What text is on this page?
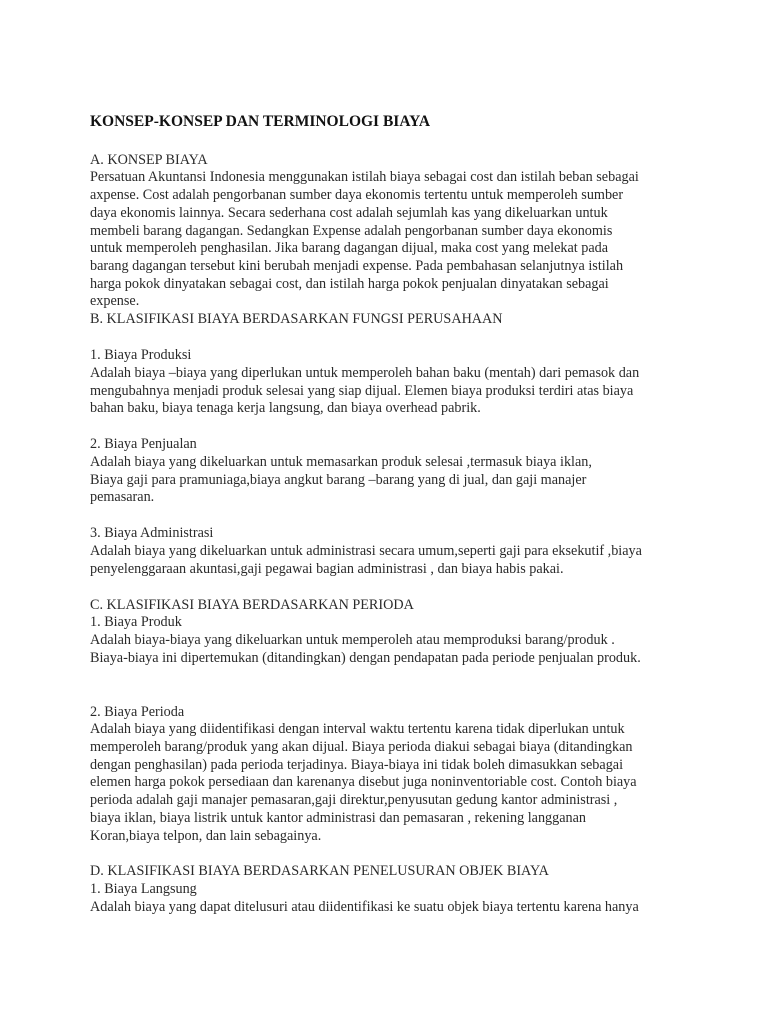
KONSEP-KONSEP DAN TERMINOLOGI BIAYA
A. KONSEP BIAYA
Persatuan Akuntansi Indonesia menggunakan istilah biaya sebagai cost dan istilah beban sebagai
axpense. Cost adalah pengorbanan sumber daya ekonomis tertentu untuk memperoleh sumber
daya ekonomis lainnya. Secara sederhana cost adalah sejumlah kas yang dikeluarkan untuk
membeli barang dagangan. Sedangkan Expense adalah pengorbanan sumber daya ekonomis
untuk memperoleh penghasilan. Jika barang dagangan dijual, maka cost yang melekat pada
barang dagangan tersebut kini berubah menjadi expense. Pada pembahasan selanjutnya istilah
harga pokok dinyatakan sebagai cost, dan istilah harga pokok penjualan dinyatakan sebagai
expense.
B. KLASIFIKASI BIAYA BERDASARKAN FUNGSI PERUSAHAAN
1. Biaya Produksi
Adalah biaya –biaya yang diperlukan untuk memperoleh bahan baku (mentah) dari pemasok dan
mengubahnya menjadi produk selesai yang siap dijual. Elemen biaya produksi terdiri atas biaya
bahan baku, biaya tenaga kerja langsung, dan biaya overhead pabrik.
2. Biaya Penjualan
Adalah biaya yang dikeluarkan untuk memasarkan produk selesai ,termasuk biaya iklan,
Biaya gaji para pramuniaga,biaya angkut barang –barang yang di jual, dan gaji manajer
pemasaran.
3. Biaya Administrasi
Adalah biaya yang dikeluarkan untuk administrasi secara umum,seperti gaji para eksekutif ,biaya
penyelenggaraan akuntasi,gaji pegawai bagian administrasi , dan biaya habis pakai.
C. KLASIFIKASI BIAYA BERDASARKAN PERIODA
1. Biaya Produk
Adalah biaya-biaya yang dikeluarkan untuk memperoleh atau memproduksi barang/produk .
Biaya-biaya ini dipertemukan (ditandingkan) dengan pendapatan pada periode penjualan produk.
2. Biaya Perioda
Adalah biaya yang diidentifikasi dengan interval waktu tertentu karena tidak diperlukan untuk
memperoleh barang/produk yang akan dijual. Biaya perioda diakui sebagai biaya (ditandingkan
dengan penghasilan) pada perioda terjadinya. Biaya-biaya ini tidak boleh dimasukkan sebagai
elemen harga pokok persediaan dan karenanya disebut juga noninventoriable cost. Contoh biaya
perioda adalah gaji manajer pemasaran,gaji direktur,penyusutan gedung kantor administrasi ,
biaya iklan, biaya listrik untuk kantor administrasi dan pemasaran , rekening langganan
Koran,biaya telpon, dan lain sebagainya.
D. KLASIFIKASI BIAYA BERDASARKAN PENELUSURAN OBJEK BIAYA
1. Biaya Langsung
Adalah biaya yang dapat ditelusuri atau diidentifikasi ke suatu objek biaya tertentu karena hanya
